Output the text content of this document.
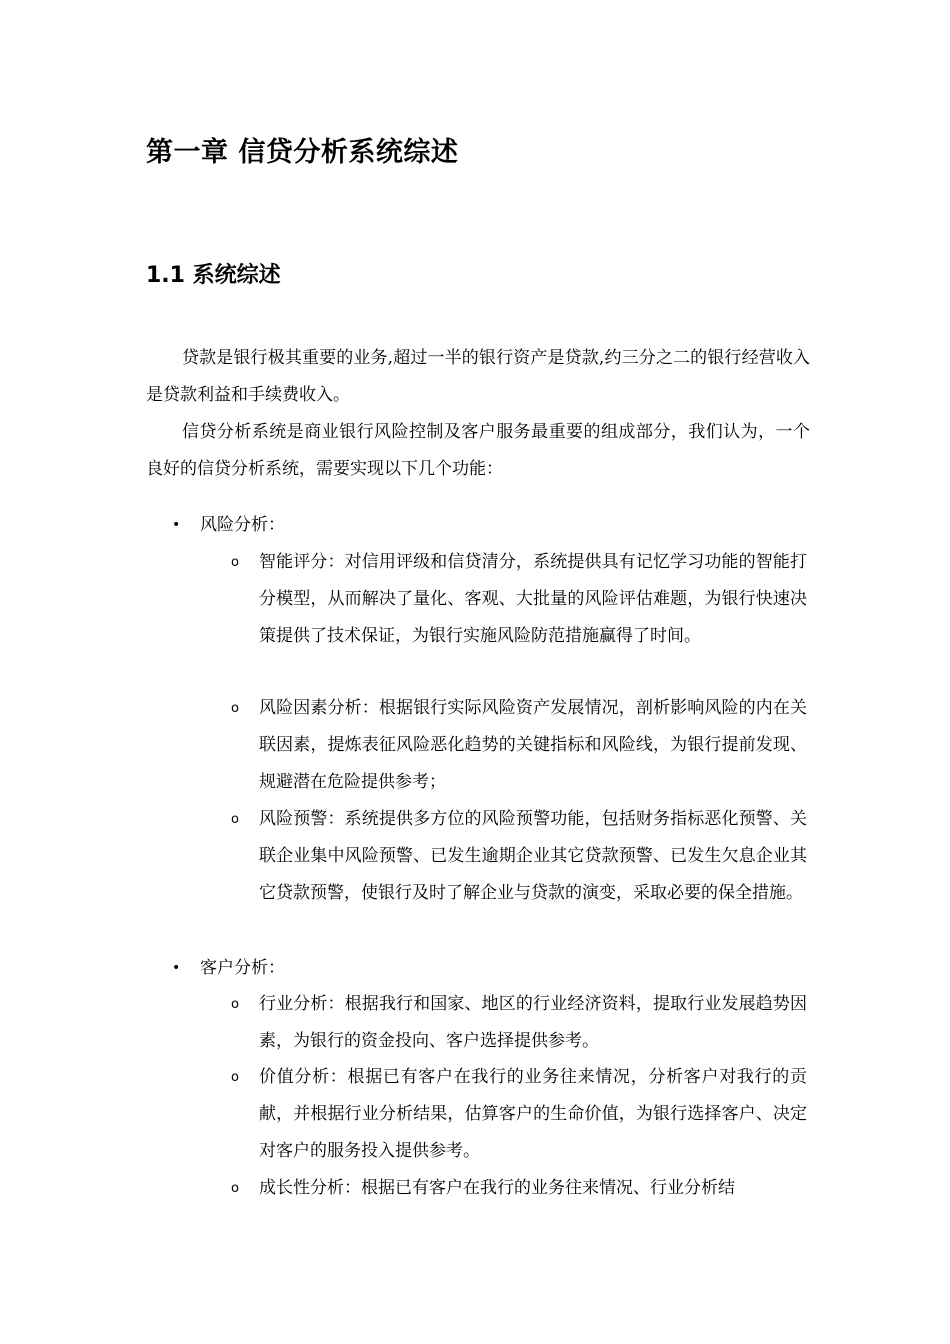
第一章 信贷分析系统综述
1.1 系统综述

贷款是银行极其重要的业务,超过一半的银行资产是贷款,约三分之二的银行经营收入是贷款利益和手续费收入。

信贷分析系统是商业银行风险控制及客户服务最重要的组成部分，我们认为，一个良好的信贷分析系统，需要实现以下几个功能：

• 风险分析：
o 智能评分：对信用评级和信贷清分，系统提供具有记忆学习功能的智能打分模型，从而解决了量化、客观、大批量的风险评估难题，为银行快速决策提供了技术保证，为银行实施风险防范措施赢得了时间。
o 风险因素分析：根据银行实际风险资产发展情况，剖析影响风险的内在关联因素，提炼表征风险恶化趋势的关键指标和风险线，为银行提前发现、规避潜在危险提供参考；
o 风险预警：系统提供多方位的风险预警功能，包括财务指标恶化预警、关联企业集中风险预警、已发生逾期企业其它贷款预警、已发生欠息企业其它贷款预警，使银行及时了解企业与贷款的演变，采取必要的保全措施。
• 客户分析：
o 行业分析：根据我行和国家、地区的行业经济资料，提取行业发展趋势因素，为银行的资金投向、客户选择提供参考。
o 价值分析：根据已有客户在我行的业务往来情况，分析客户对我行的贡献，并根据行业分析结果，估算客户的生命价值，为银行选择客户、决定对客户的服务投入提供参考。
o 成长性分析：根据已有客户在我行的业务往来情况、行业分析结
